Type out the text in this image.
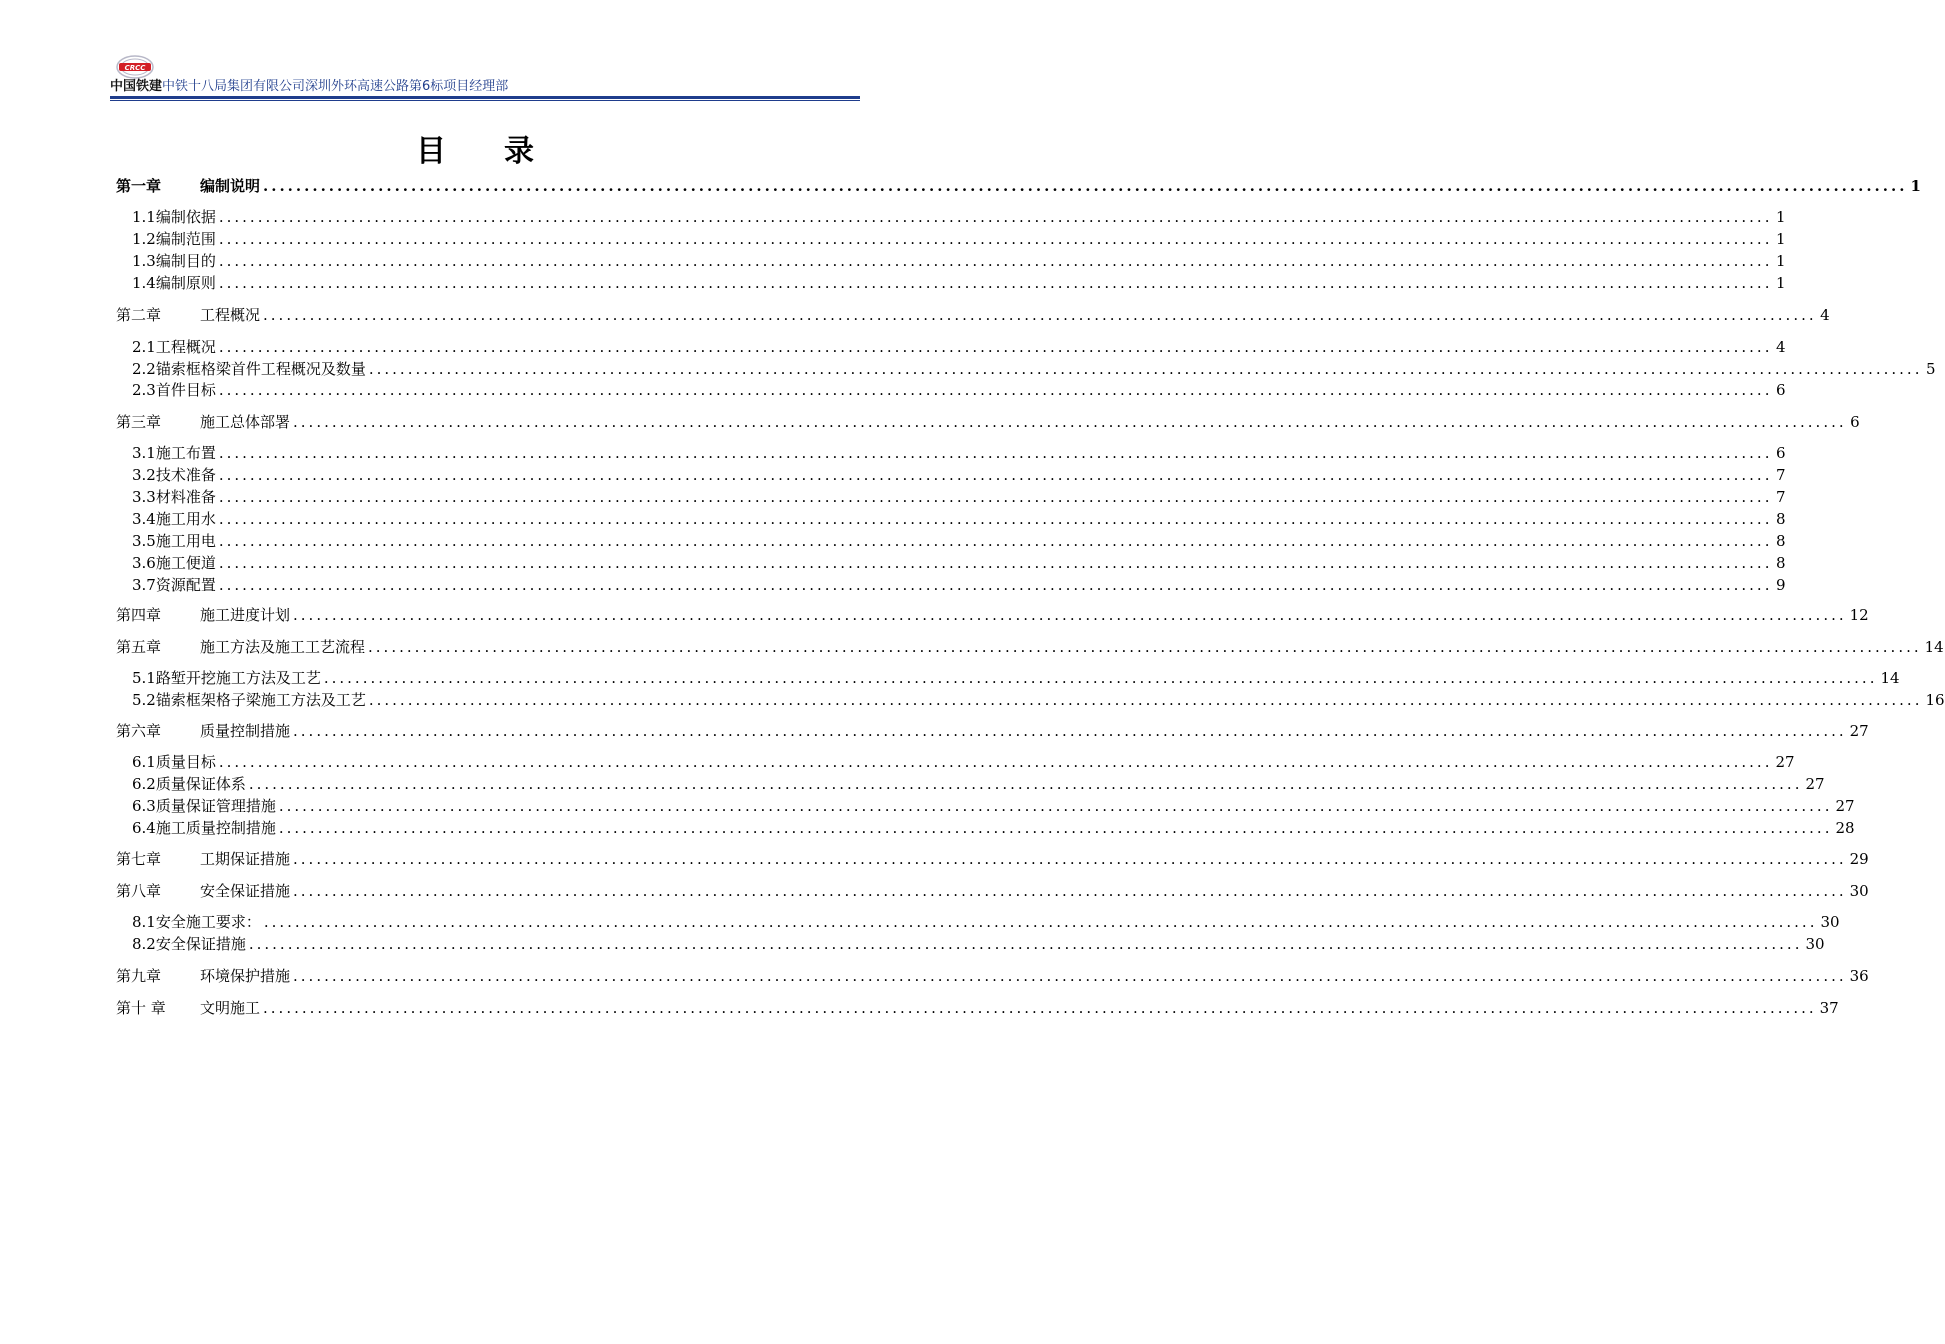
CRCC
中国铁建中铁十八局集团有限公司深圳外环高速公路第6标项目经理部
目录
第一章	编制说明 ........................................................................................................................................................................................................ 1
1.1编制依据 ........................................................................................................................................................................................................ 1
1.2编制范围 ........................................................................................................................................................................................................ 1
1.3编制目的 ........................................................................................................................................................................................................ 1
1.4编制原则 ........................................................................................................................................................................................................ 1
第二章	工程概况 ........................................................................................................................................................................................................ 4
2.1工程概况 ........................................................................................................................................................................................................ 4
2.2锚索框格梁首件工程概况及数量 ........................................................................................................................................................................................................ 5
2.3首件目标 ........................................................................................................................................................................................................ 6
第三章	施工总体部署 ........................................................................................................................................................................................................ 6
3.1施工布置 ........................................................................................................................................................................................................ 6
3.2技术准备 ........................................................................................................................................................................................................ 7
3.3材料准备 ........................................................................................................................................................................................................ 7
3.4施工用水 ........................................................................................................................................................................................................ 8
3.5施工用电 ........................................................................................................................................................................................................ 8
3.6施工便道 ........................................................................................................................................................................................................ 8
3.7资源配置 ........................................................................................................................................................................................................ 9
第四章	施工进度计划 ........................................................................................................................................................................................................ 12
第五章	施工方法及施工工艺流程 ........................................................................................................................................................................................................ 14
5.1路堑开挖施工方法及工艺 ........................................................................................................................................................................................................ 14
5.2锚索框架格子梁施工方法及工艺 ........................................................................................................................................................................................................ 16
第六章	质量控制措施 ........................................................................................................................................................................................................ 27
6.1质量目标 ........................................................................................................................................................................................................ 27
6.2质量保证体系 ........................................................................................................................................................................................................ 27
6.3质量保证管理措施 ........................................................................................................................................................................................................ 27
6.4施工质量控制措施 ........................................................................................................................................................................................................ 28
第七章	工期保证措施 ........................................................................................................................................................................................................ 29
第八章	安全保证措施 ........................................................................................................................................................................................................ 30
8.1安全施工要求： ........................................................................................................................................................................................................ 30
8.2安全保证措施 ........................................................................................................................................................................................................ 30
第九章	环境保护措施 ........................................................................................................................................................................................................ 36
第十 章 文明施工 ........................................................................................................................................................................................................ 37
